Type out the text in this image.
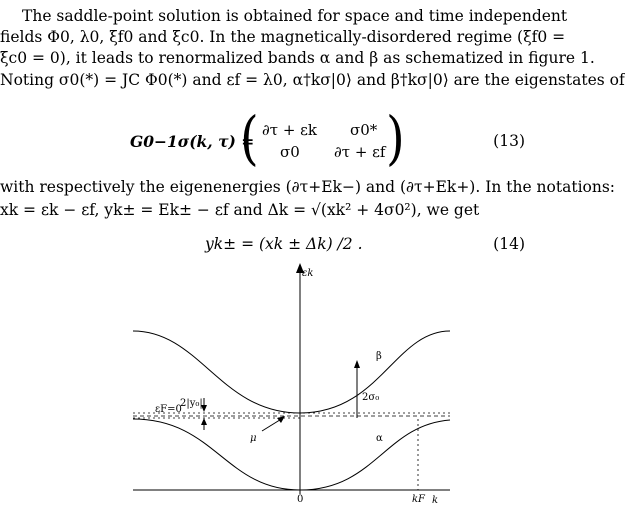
The saddle-point solution is obtained for space and time independent
fields Φ0, λ0, ξf0 and ξc0. In the magnetically-disordered regime (ξf0 =
ξc0 = 0), it leads to renormalized bands α and β as schematized in figure 1.
Noting σ0(*) = JC Φ0(*) and εf = λ0, α†kσ|0⟩ and β†kσ|0⟩ are the eigenstates of
G0−1σ(k, τ) =
( ∂τ + εk σ0*
σ0 ∂τ + εf )	(13)
with respectively the eigenenergies (∂τ+Ek−) and (∂τ+Ek+). In the notations:
xk = εk − εf, yk± = Ek± − εf and Δk = √(xk² + 4σ0²), we get
yk± = (xk ± Δk) /2 .	(14)
εk
k
0	kF
β
α
εF=0
2|y₀|
2σ₀
μ
